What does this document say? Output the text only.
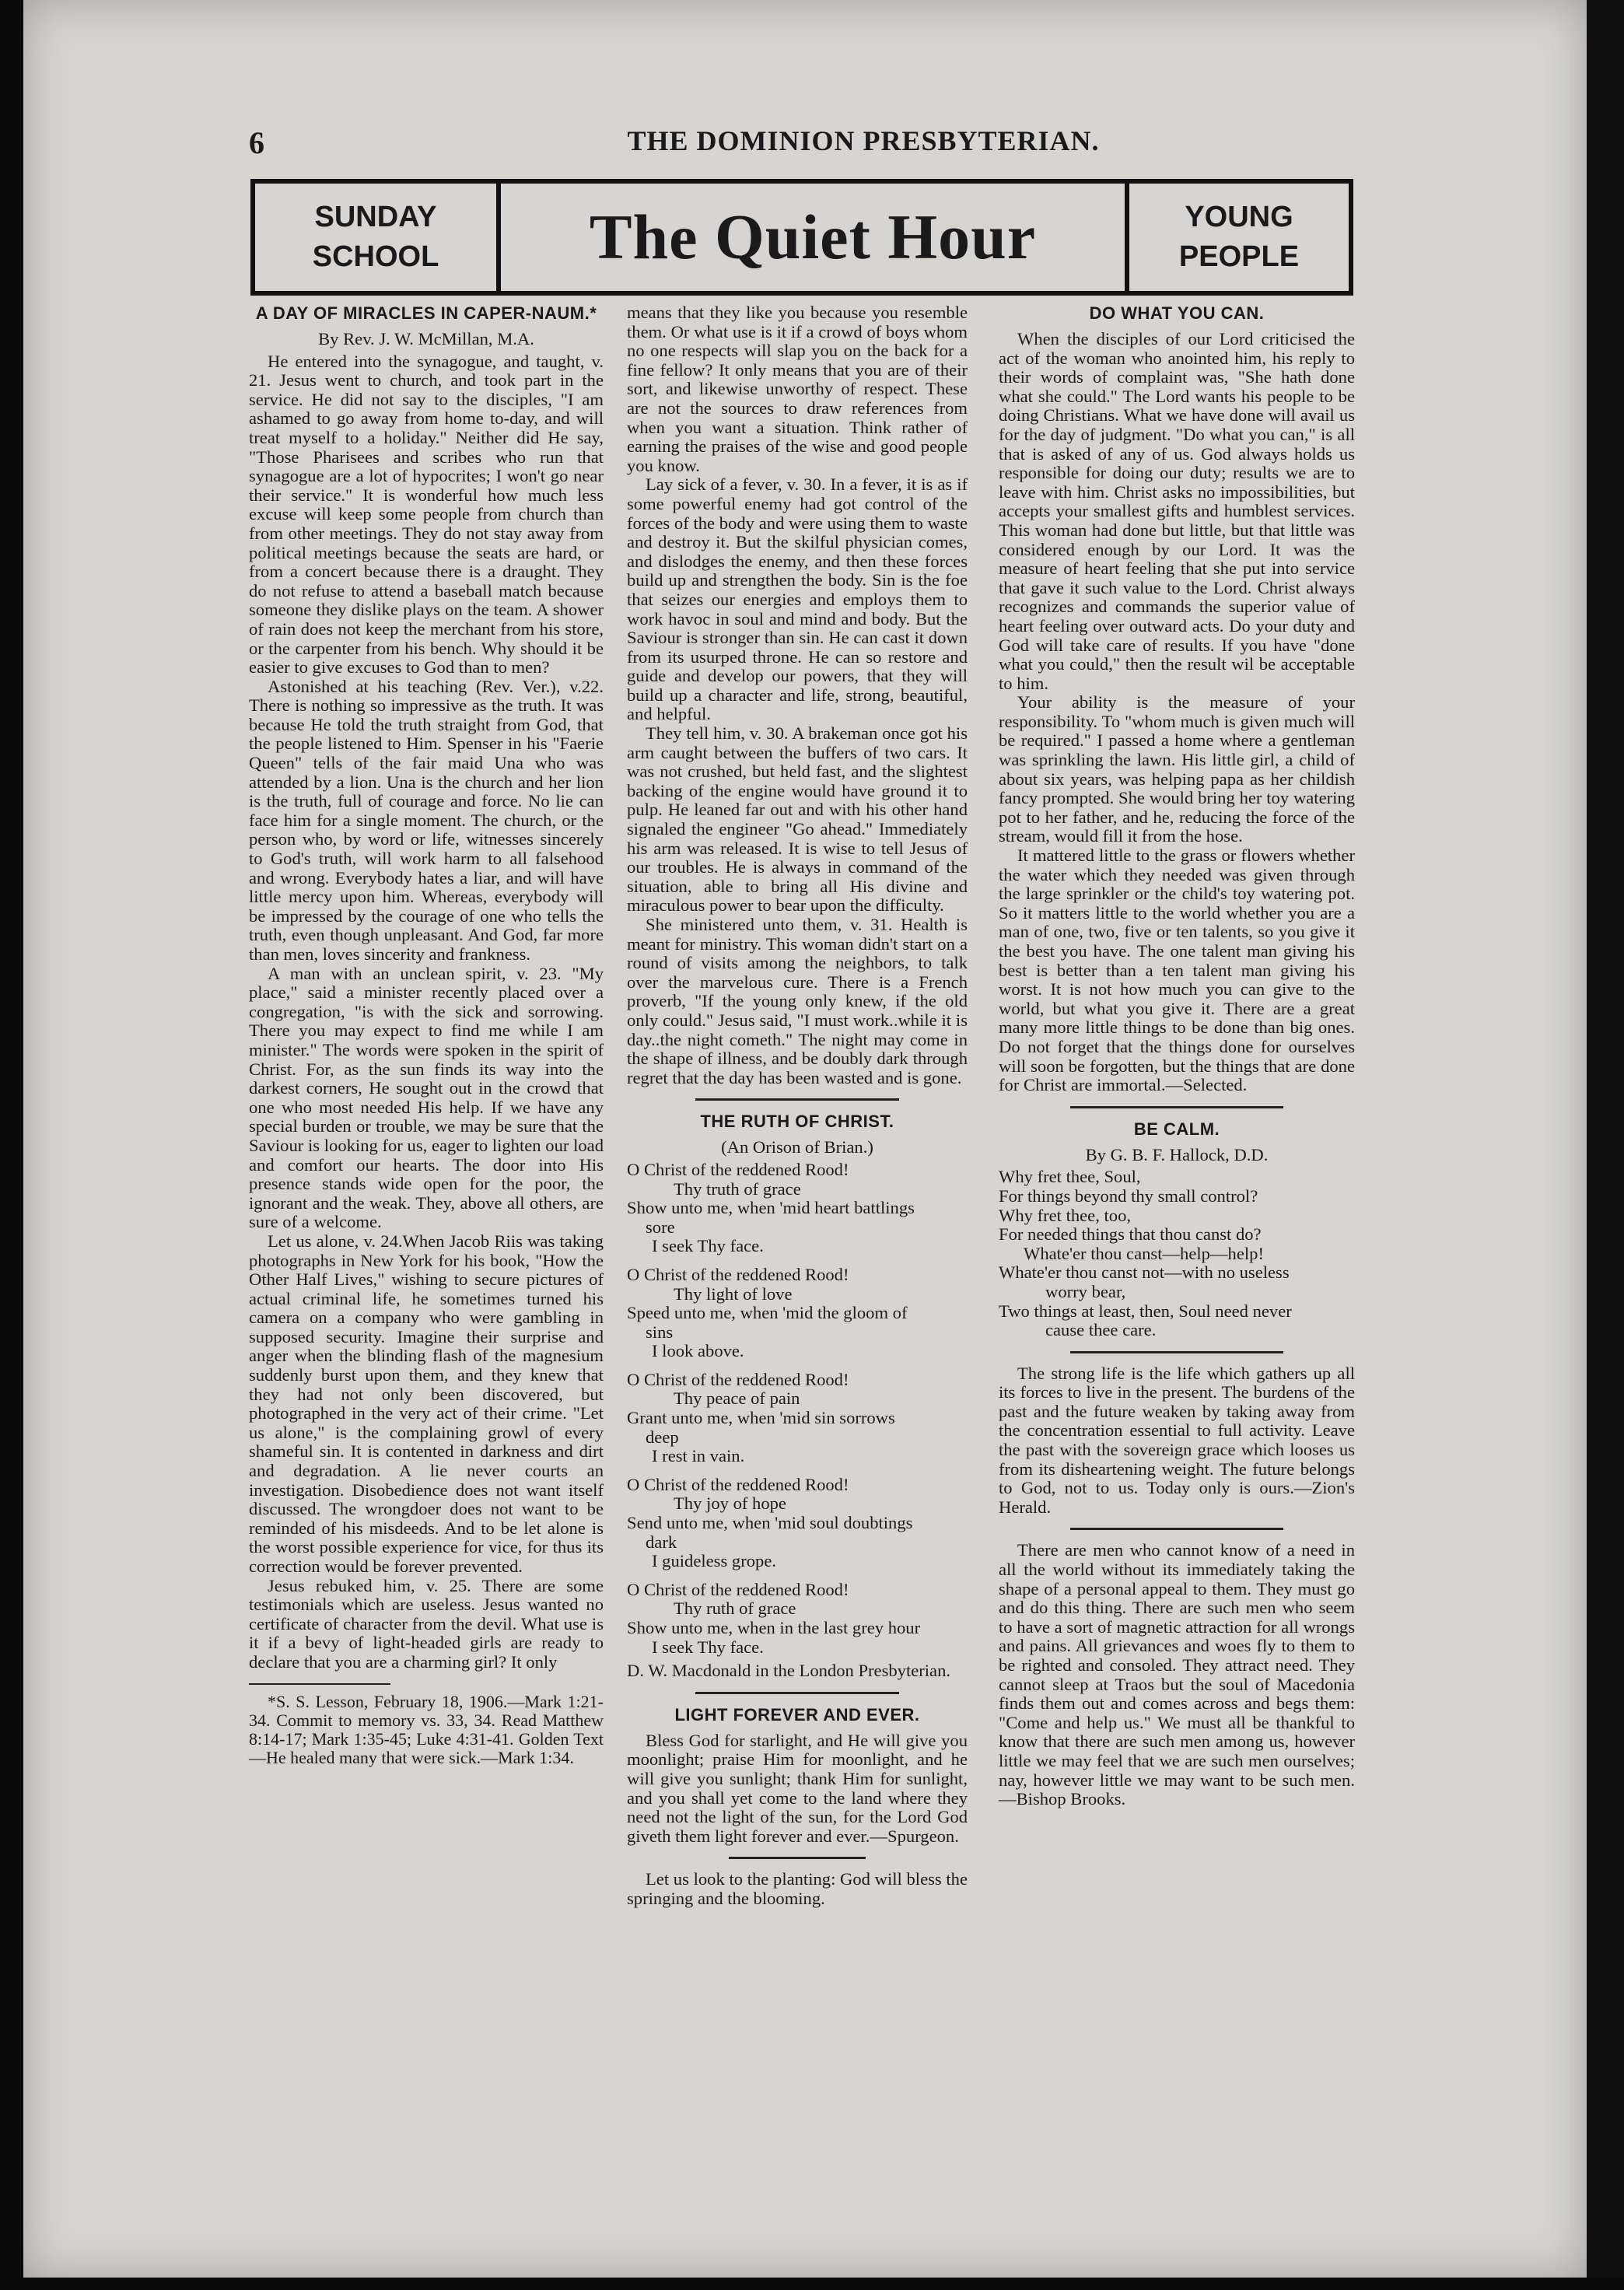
6	THE DOMINION PRESBYTERIAN.
SUNDAY
SCHOOL The Quiet Hour	YOUNG
PEOPLE
A DAY OF MIRACLES IN CAPER-NAUM.*
By Rev. J. W. McMillan, M.A.

He entered into the synagogue, and taught, v. 21. Jesus went to church, and took part in the service. He did not say to the disciples, "I am ashamed to go away from home to-day, and will treat myself to a holiday." Neither did He say, "Those Pharisees and scribes who run that synagogue are a lot of hypocrites; I won't go near their service." It is wonderful how much less excuse will keep some people from church than from other meetings. They do not stay away from political meetings because the seats are hard, or from a concert because there is a draught. They do not refuse to attend a baseball match because someone they dislike plays on the team. A shower of rain does not keep the merchant from his store, or the carpenter from his bench. Why should it be easier to give excuses to God than to men?

Astonished at his teaching (Rev. Ver.), v.22. There is nothing so impressive as the truth. It was because He told the truth straight from God, that the people listened to Him. Spenser in his "Faerie Queen" tells of the fair maid Una who was attended by a lion. Una is the church and her lion is the truth, full of courage and force. No lie can face him for a single moment. The church, or the person who, by word or life, witnesses sincerely to God's truth, will work harm to all falsehood and wrong. Everybody hates a liar, and will have little mercy upon him. Whereas, everybody will be impressed by the courage of one who tells the truth, even though unpleasant. And God, far more than men, loves sincerity and frankness.

A man with an unclean spirit, v. 23. "My place," said a minister recently placed over a congregation, "is with the sick and sorrowing. There you may expect to find me while I am minister." The words were spoken in the spirit of Christ. For, as the sun finds its way into the darkest corners, He sought out in the crowd that one who most needed His help. If we have any special burden or trouble, we may be sure that the Saviour is looking for us, eager to lighten our load and comfort our hearts. The door into His presence stands wide open for the poor, the ignorant and the weak. They, above all others, are sure of a welcome.

Let us alone, v. 24.When Jacob Riis was taking photographs in New York for his book, "How the Other Half Lives," wishing to secure pictures of actual criminal life, he sometimes turned his camera on a company who were gambling in supposed security. Imagine their surprise and anger when the blinding flash of the magnesium suddenly burst upon them, and they knew that they had not only been discovered, but photographed in the very act of their crime. "Let us alone," is the complaining growl of every shameful sin. It is contented in darkness and dirt and degradation. A lie never courts an investigation. Disobedience does not want itself discussed. The wrongdoer does not want to be reminded of his misdeeds. And to be let alone is the worst possible experience for vice, for thus its correction would be forever prevented.

Jesus rebuked him, v. 25. There are some testimonials which are useless. Jesus wanted no certificate of character from the devil. What use is it if a bevy of light-headed girls are ready to declare that you are a charming girl? It only

*S. S. Lesson, February 18, 1906.—Mark 1:21-34. Commit to memory vs. 33, 34. Read Matthew 8:14-17; Mark 1:35-45; Luke 4:31-41. Golden Text—He healed many that were sick.—Mark 1:34.

means that they like you because you resemble them. Or what use is it if a crowd of boys whom no one respects will slap you on the back for a fine fellow? It only means that you are of their sort, and likewise unworthy of respect. These are not the sources to draw references from when you want a situation. Think rather of earning the praises of the wise and good people you know.

Lay sick of a fever, v. 30. In a fever, it is as if some powerful enemy had got control of the forces of the body and were using them to waste and destroy it. But the skilful physician comes, and dislodges the enemy, and then these forces build up and strengthen the body. Sin is the foe that seizes our energies and employs them to work havoc in soul and mind and body. But the Saviour is stronger than sin. He can cast it down from its usurped throne. He can so restore and guide and develop our powers, that they will build up a character and life, strong, beautiful, and helpful.

They tell him, v. 30. A brakeman once got his arm caught between the buffers of two cars. It was not crushed, but held fast, and the slightest backing of the engine would have ground it to pulp. He leaned far out and with his other hand signaled the engineer "Go ahead." Immediately his arm was released. It is wise to tell Jesus of our troubles. He is always in command of the situation, able to bring all His divine and miraculous power to bear upon the difficulty.

She ministered unto them, v. 31. Health is meant for ministry. This woman didn't start on a round of visits among the neighbors, to talk over the marvelous cure. There is a French proverb, "If the young only knew, if the old only could." Jesus said, "I must work..while it is day..the night cometh." The night may come in the shape of illness, and be doubly dark through regret that the day has been wasted and is gone.

THE RUTH OF CHRIST.
(An Orison of Brian.)
O Christ of the reddened Rood!
Thy truth of grace
Show unto me, when 'mid heart battlings
sore
I seek Thy face.
O Christ of the reddened Rood!
Thy light of love
Speed unto me, when 'mid the gloom of
sins
I look above.
O Christ of the reddened Rood!
Thy peace of pain
Grant unto me, when 'mid sin sorrows
deep
I rest in vain.
O Christ of the reddened Rood!
Thy joy of hope
Send unto me, when 'mid soul doubtings
dark
I guideless grope.
O Christ of the reddened Rood!
Thy ruth of grace
Show unto me, when in the last grey hour
I seek Thy face.

D. W. Macdonald in the London Presbyterian.

LIGHT FOREVER AND EVER.

Bless God for starlight, and He will give you moonlight; praise Him for moonlight, and he will give you sunlight; thank Him for sunlight, and you shall yet come to the land where they need not the light of the sun, for the Lord God giveth them light forever and ever.—Spurgeon.

Let us look to the planting: God will bless the springing and the blooming.

DO WHAT YOU CAN.

When the disciples of our Lord criticised the act of the woman who anointed him, his reply to their words of complaint was, "She hath done what she could." The Lord wants his people to be doing Christians. What we have done will avail us for the day of judgment. "Do what you can," is all that is asked of any of us. God always holds us responsible for doing our duty; results we are to leave with him. Christ asks no impossibilities, but accepts your smallest gifts and humblest services. This woman had done but little, but that little was considered enough by our Lord. It was the measure of heart feeling that she put into service that gave it such value to the Lord. Christ always recognizes and commands the superior value of heart feeling over outward acts. Do your duty and God will take care of results. If you have "done what you could," then the result wil be acceptable to him.

Your ability is the measure of your responsibility. To "whom much is given much will be required." I passed a home where a gentleman was sprinkling the lawn. His little girl, a child of about six years, was helping papa as her childish fancy prompted. She would bring her toy watering pot to her father, and he, reducing the force of the stream, would fill it from the hose.

It mattered little to the grass or flowers whether the water which they needed was given through the large sprinkler or the child's toy watering pot. So it matters little to the world whether you are a man of one, two, five or ten talents, so you give it the best you have. The one talent man giving his best is better than a ten talent man giving his worst. It is not how much you can give to the world, but what you give it. There are a great many more little things to be done than big ones. Do not forget that the things done for ourselves will soon be forgotten, but the things that are done for Christ are immortal.—Selected.

BE CALM.
By G. B. F. Hallock, D.D.
Why fret thee, Soul,
For things beyond thy small control?
Why fret thee, too,
For needed things that thou canst do?
Whate'er thou canst—help—help!
Whate'er thou canst not—with no useless
worry bear,
Two things at least, then, Soul need never
cause thee care.

The strong life is the life which gathers up all its forces to live in the present. The burdens of the past and the future weaken by taking away from the concentration essential to full activity. Leave the past with the sovereign grace which looses us from its disheartening weight. The future belongs to God, not to us. Today only is ours.—Zion's Herald.

There are men who cannot know of a need in all the world without its immediately taking the shape of a personal appeal to them. They must go and do this thing. There are such men who seem to have a sort of magnetic attraction for all wrongs and pains. All grievances and woes fly to them to be righted and consoled. They attract need. They cannot sleep at Traos but the soul of Macedonia finds them out and comes across and begs them: "Come and help us." We must all be thankful to know that there are such men among us, however little we may feel that we are such men ourselves; nay, however little we may want to be such men.—Bishop Brooks.
